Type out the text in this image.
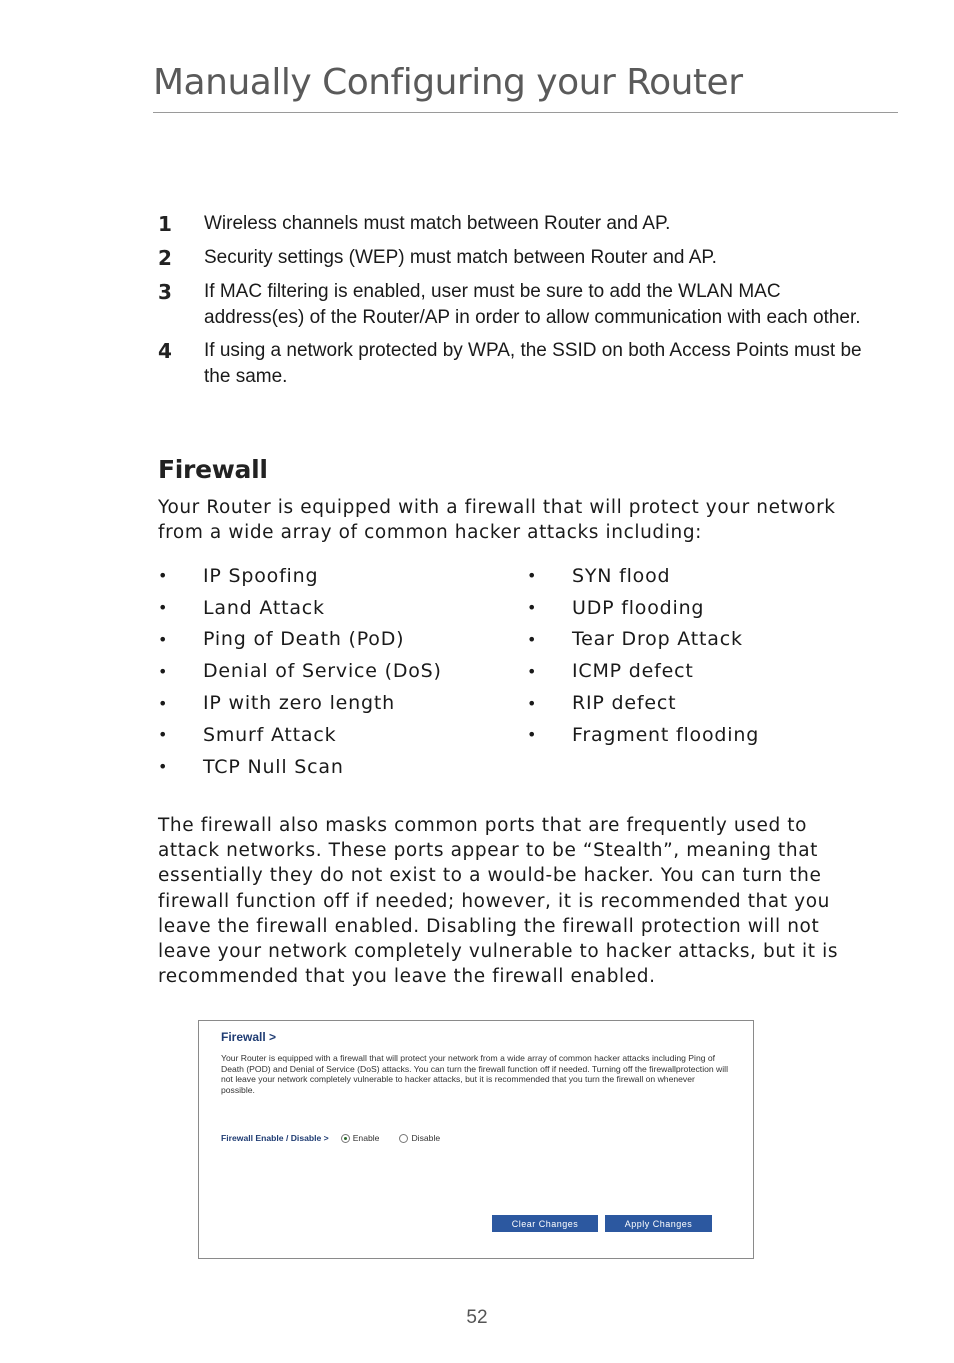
Manually Configuring your Router
1	Wireless channels must match between Router and AP.
2	Security settings (WEP) must match between Router and AP.
3	If MAC filtering is enabled, user must be sure to add the WLAN MAC address(es) of the Router/AP in order to allow communication with each other.
4	If using a network protected by WPA, the SSID on both Access Points must be the same.
Firewall
Your Router is equipped with a firewall that will protect your network from a wide array of common hacker attacks including:
•	IP Spoofing
•	Land Attack
•	Ping of Death (PoD)
•	Denial of Service (DoS)
•	IP with zero length
•	Smurf Attack
•	TCP Null Scan
•	SYN flood
•	UDP flooding
•	Tear Drop Attack
•	ICMP defect
•	RIP defect
•	Fragment flooding
The firewall also masks common ports that are frequently used to attack networks. These ports appear to be “Stealth”, meaning that essentially they do not exist to a would-be hacker. You can turn the firewall function off if needed; however, it is recommended that you leave the firewall enabled. Disabling the firewall protection will not leave your network completely vulnerable to hacker attacks, but it is recommended that you leave the firewall enabled.
Firewall >
Your Router is equipped with a firewall that will protect your network from a wide array of common hacker attacks including Ping of Death (POD) and Denial of Service (DoS) attacks. You can turn the firewall function off if needed. Turning off the firewallprotection will not leave your network completely vulnerable to hacker attacks, but it is recommended that you turn the firewall on whenever possible.
Firewall Enable / Disable >	Enable	Disable
Clear Changes	Apply Changes
52
